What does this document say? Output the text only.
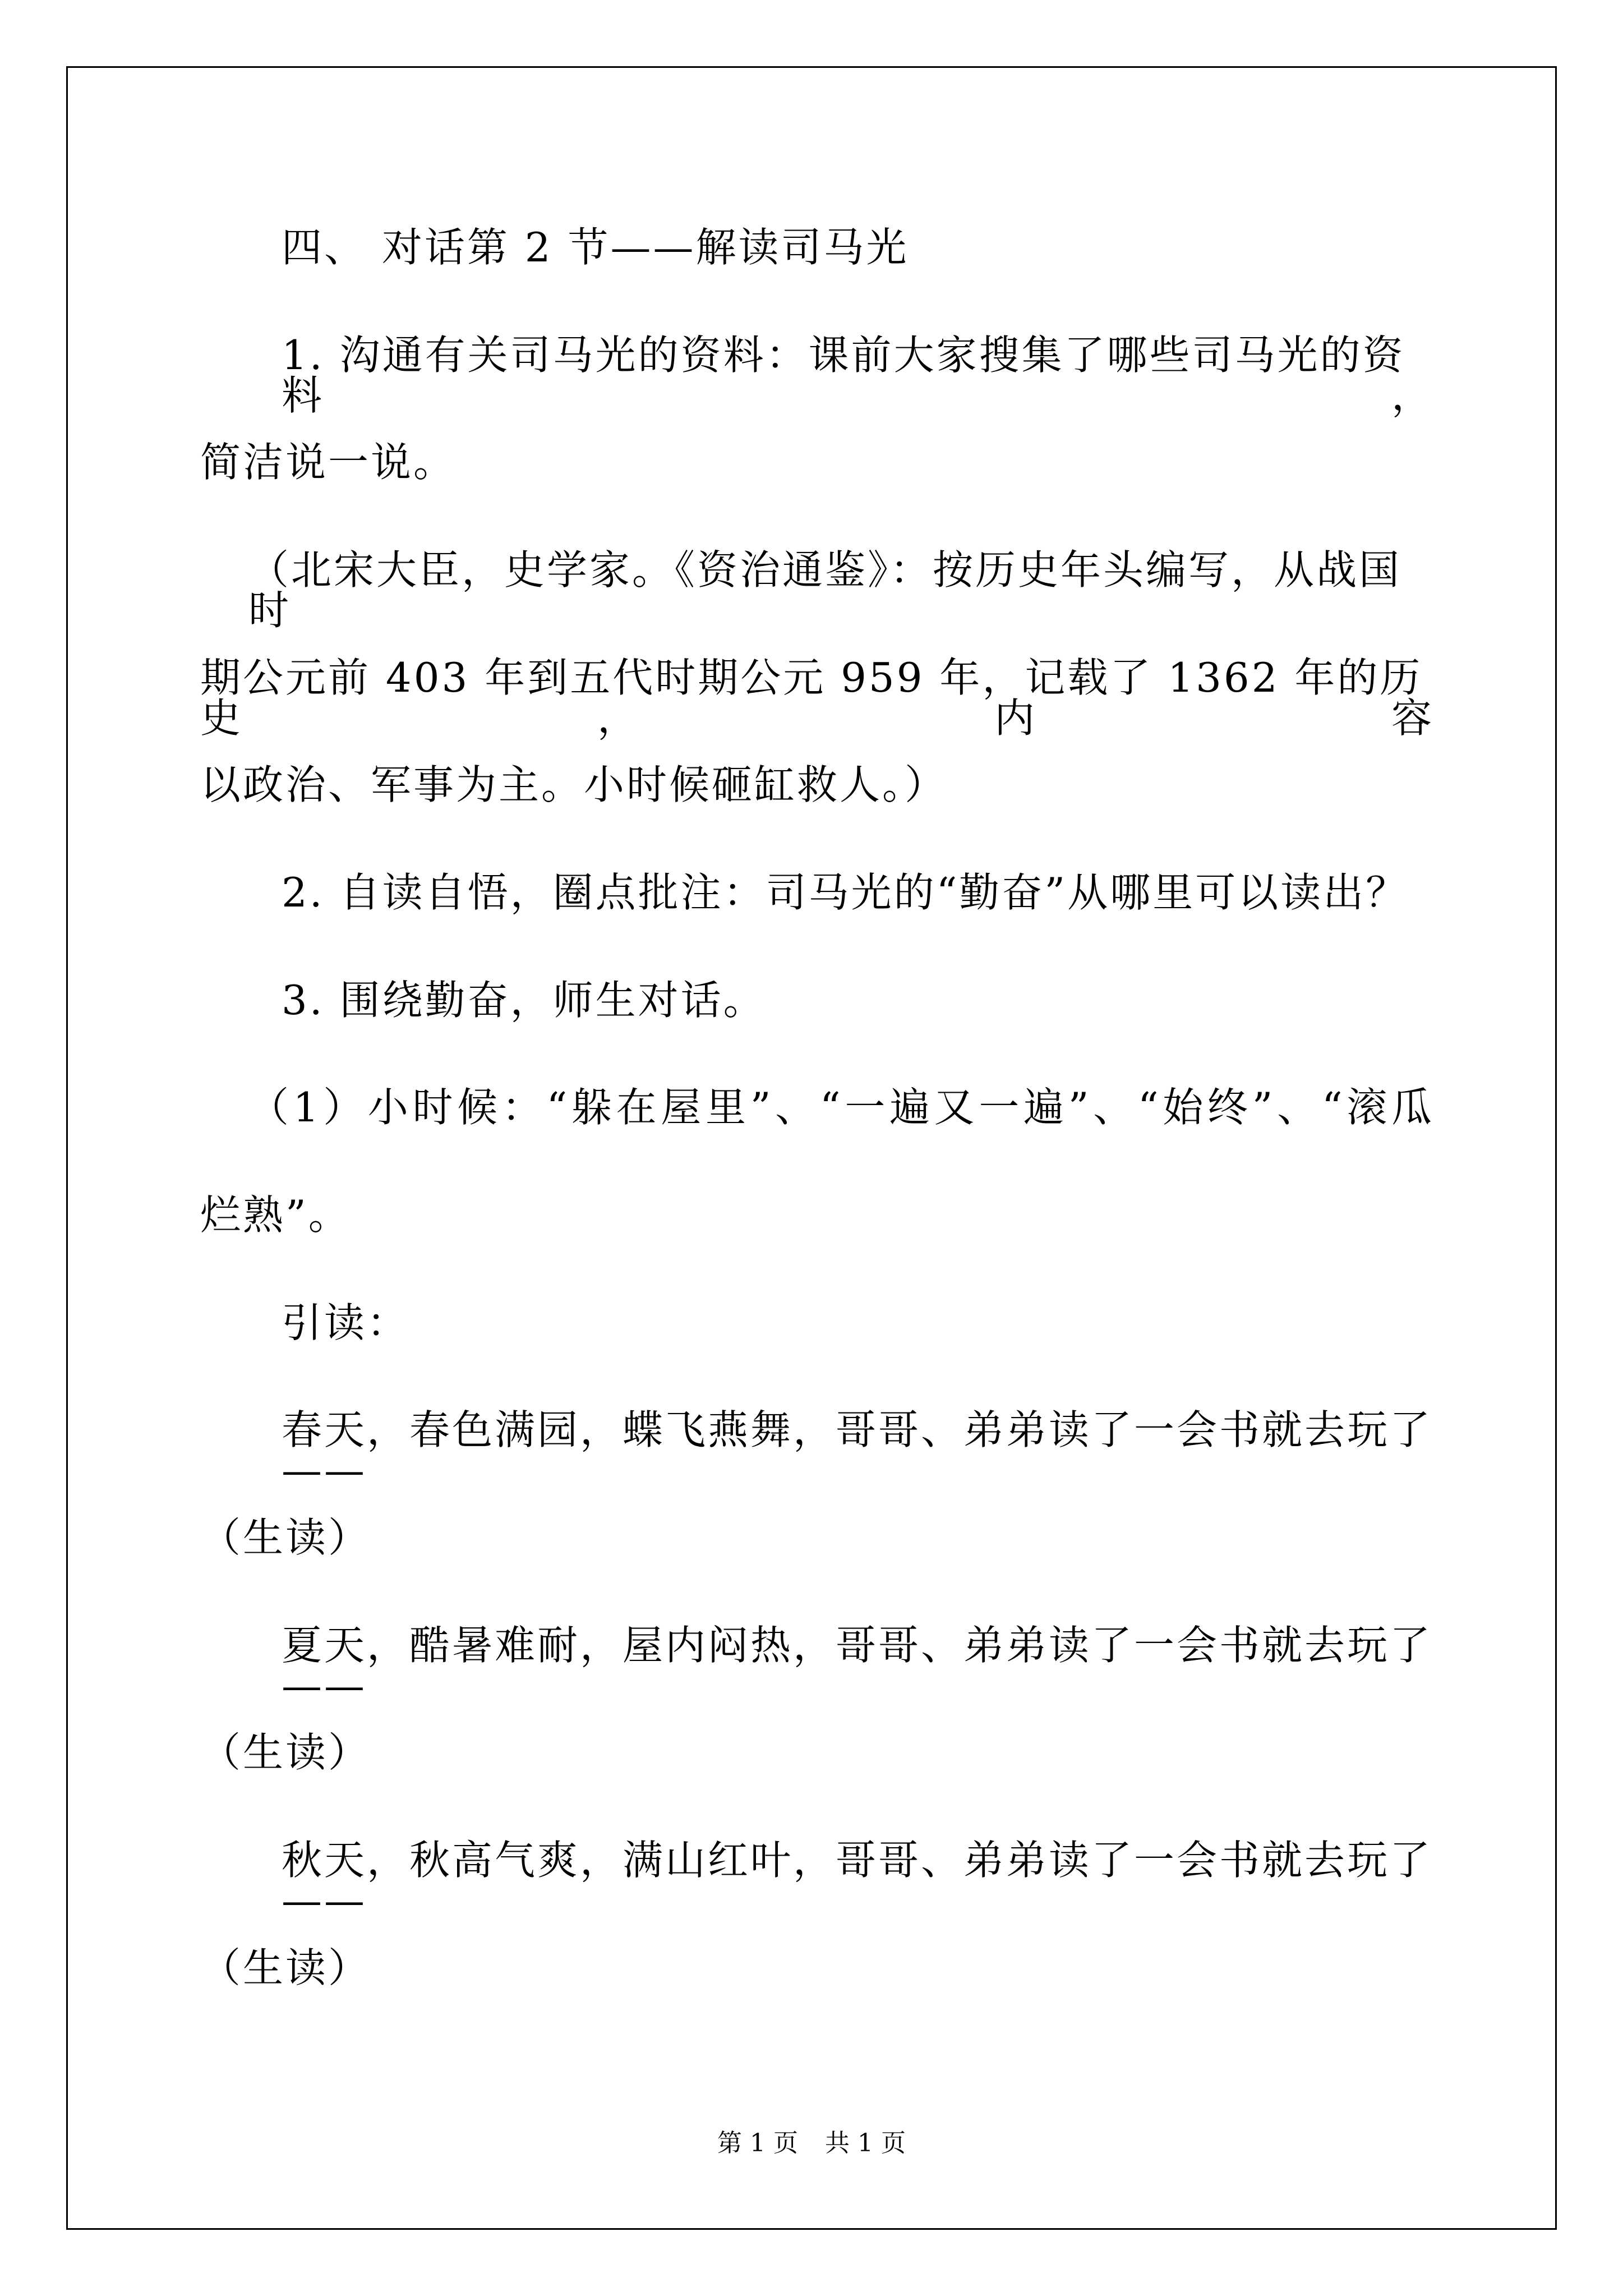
四、 对话第 2 节——解读司马光

1. 沟通有关司马光的资料：课前大家搜集了哪些司马光的资料，

简洁说一说。

（北宋大臣，史学家。《资治通鉴》：按历史年头编写，从战国时

期公元前 403 年到五代时期公元 959 年，记载了 1362 年的历史，内容

以政治、军事为主。小时候砸缸救人。）

2. 自读自悟，圈点批注：司马光的“勤奋”从哪里可以读出？

3. 围绕勤奋，师生对话。

（1）小时候：“躲在屋里”、“一遍又一遍”、“始终”、“滚瓜

烂熟”。

引读：

春天，春色满园，蝶飞燕舞，哥哥、弟弟读了一会书就去玩了——

（生读）

夏天，酷暑难耐，屋内闷热，哥哥、弟弟读了一会书就去玩了——

（生读）

秋天，秋高气爽，满山红叶，哥哥、弟弟读了一会书就去玩了——

（生读）

第 1 页 共 1 页
